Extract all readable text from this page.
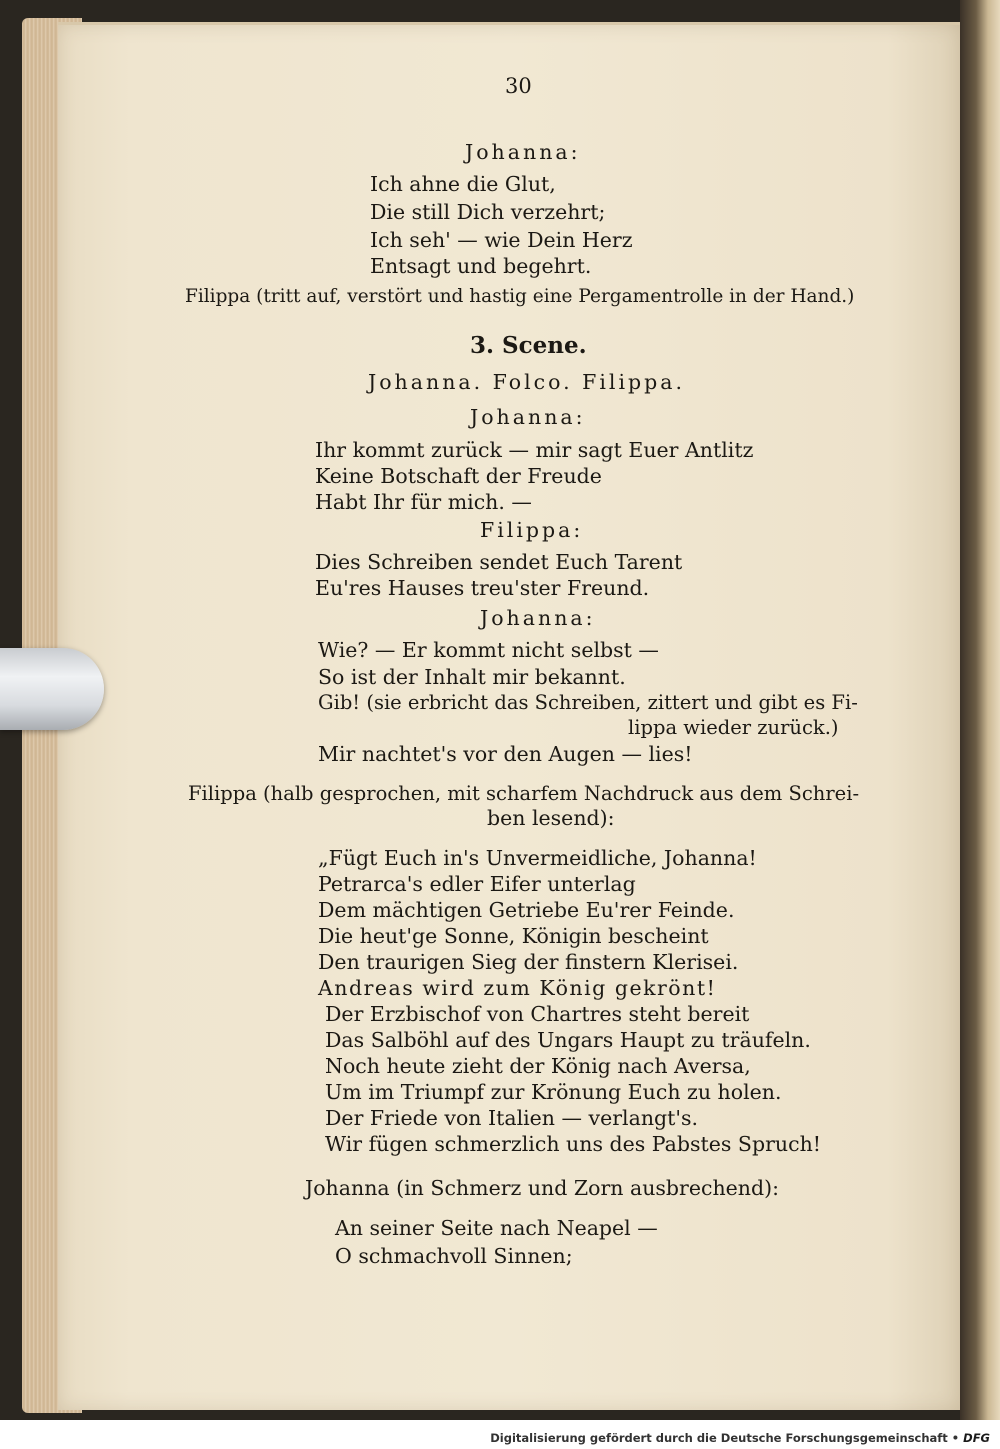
30
Johanna:
Ich ahne die Glut,
Die still Dich verzehrt;
Ich seh' — wie Dein Herz
Entsagt und begehrt.
Filippa (tritt auf, verstört und hastig eine Pergamentrolle in der Hand.)
3. Scene.
Johanna. Folco. Filippa.
Johanna:
Ihr kommt zurück — mir sagt Euer Antlitz
Keine Botschaft der Freude
Habt Ihr für mich. —
Filippa:
Dies Schreiben sendet Euch Tarent
Eu'res Hauses treu'ster Freund.
Johanna:
Wie? — Er kommt nicht selbst —
So ist der Inhalt mir bekannt.
Gib! (sie erbricht das Schreiben, zittert und gibt es Fi-
lippa wieder zurück.)
Mir nachtet's vor den Augen — lies!
Filippa (halb gesprochen, mit scharfem Nachdruck aus dem Schrei-
ben lesend):
„Fügt Euch in's Unvermeidliche, Johanna!
Petrarca's edler Eifer unterlag
Dem mächtigen Getriebe Eu'rer Feinde.
Die heut'ge Sonne, Königin bescheint
Den traurigen Sieg der finstern Klerisei.
Andreas wird zum König gekrönt!
Der Erzbischof von Chartres steht bereit
Das Salböhl auf des Ungars Haupt zu träufeln.
Noch heute zieht der König nach Aversa,
Um im Triumpf zur Krönung Euch zu holen.
Der Friede von Italien — verlangt's.
Wir fügen schmerzlich uns des Pabstes Spruch!
Johanna (in Schmerz und Zorn ausbrechend):
An seiner Seite nach Neapel —
O schmachvoll Sinnen;
Digitalisierung gefördert durch die Deutsche Forschungsgemeinschaft • DFG
